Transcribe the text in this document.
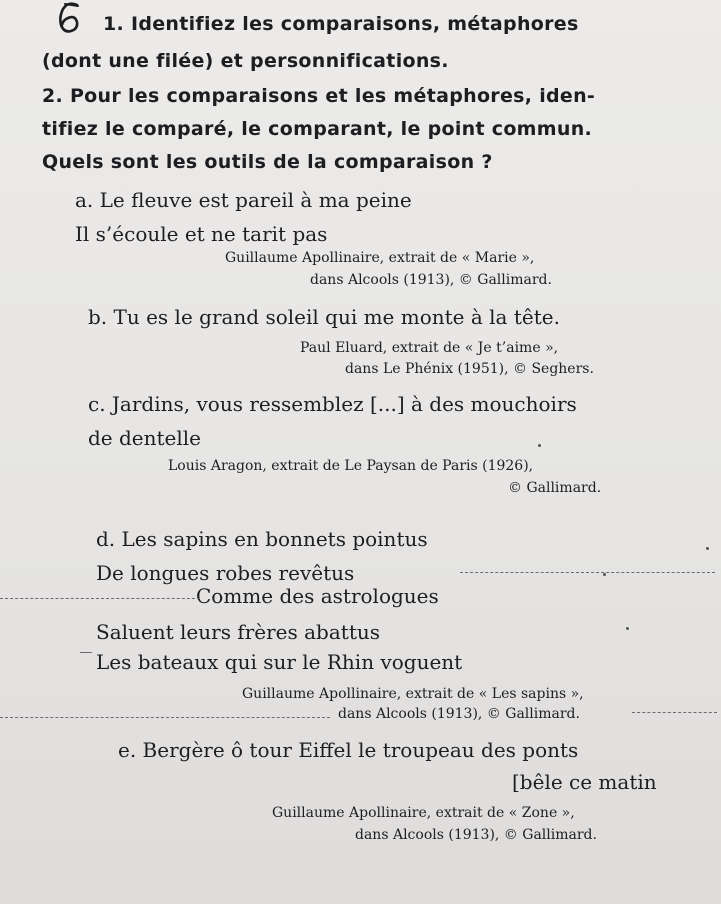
1. Identifiez les comparaisons, métaphores
(dont une filée) et personnifications.
2. Pour les comparaisons et les métaphores, iden-
tifiez le comparé, le comparant, le point commun.
Quels sont les outils de la comparaison ?
a. Le fleuve est pareil à ma peine
Il s’écoule et ne tarit pas
Guillaume Apollinaire, extrait de « Marie »,
dans Alcools (1913), © Gallimard.
b. Tu es le grand soleil qui me monte à la tête.
Paul Eluard, extrait de « Je t’aime »,
dans Le Phénix (1951), © Seghers.
c. Jardins, vous ressemblez [...] à des mouchoirs
de dentelle
Louis Aragon, extrait de Le Paysan de Paris (1926),
© Gallimard.
d. Les sapins en bonnets pointus
De longues robes revêtus
Comme des astrologues
Saluent leurs frères abattus
Les bateaux qui sur le Rhin voguent
Guillaume Apollinaire, extrait de « Les sapins »,
dans Alcools (1913), © Gallimard.
e. Bergère ô tour Eiffel le troupeau des ponts
[bêle ce matin
Guillaume Apollinaire, extrait de « Zone »,
dans Alcools (1913), © Gallimard.
